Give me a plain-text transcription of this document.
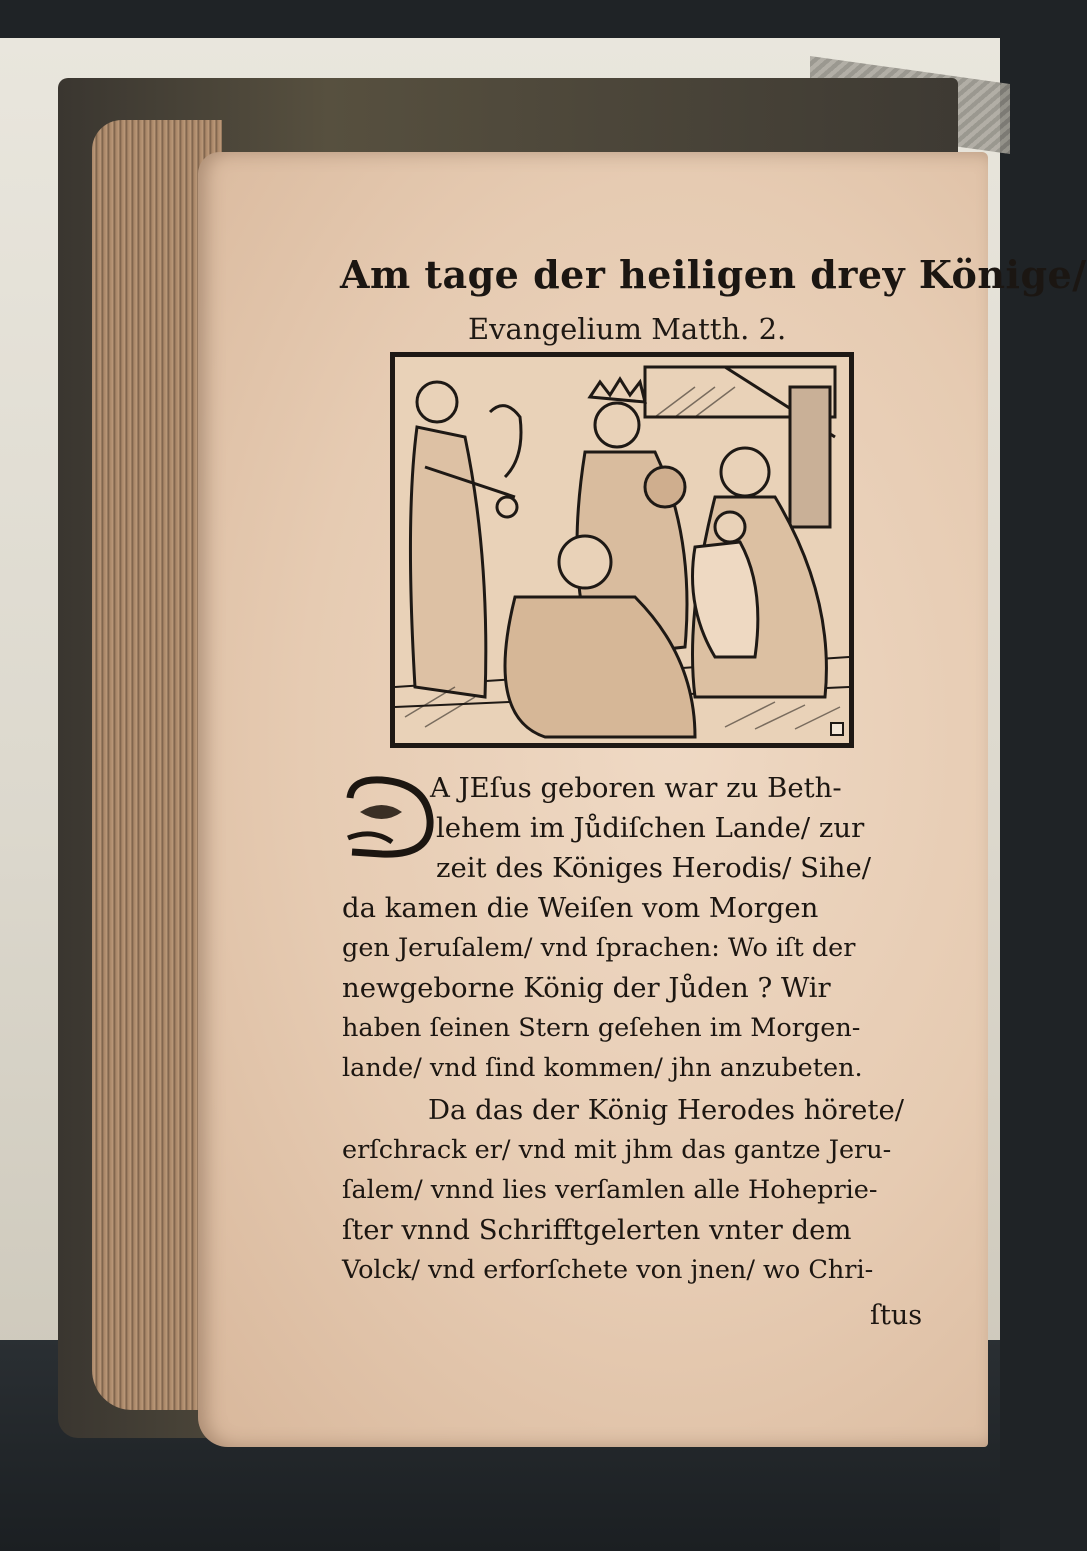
Am tage der heiligen drey Könige/
Evangelium Matth. 2.
A JEſus geboren war zu Beth-
lehem im Jůdiſchen Lande/ zur
zeit des Königes Herodis/ Sihe/
da kamen die Weiſen vom Morgen
gen Jeruſalem/ vnd ſprachen: Wo iſt der
newgeborne König der Jůden ? Wir
haben ſeinen Stern geſehen im Morgen-
lande/ vnd ſind kommen/ jhn anzubeten.
Da das der König Herodes hörete/
erſchrack er/ vnd mit jhm das gantze Jeru-
ſalem/ vnnd lies verſamlen alle Hoheprie-
ſter vnnd Schrifftgelerten vnter dem
Volck/ vnd erforſchete von jnen/ wo Chri-
ſtus
